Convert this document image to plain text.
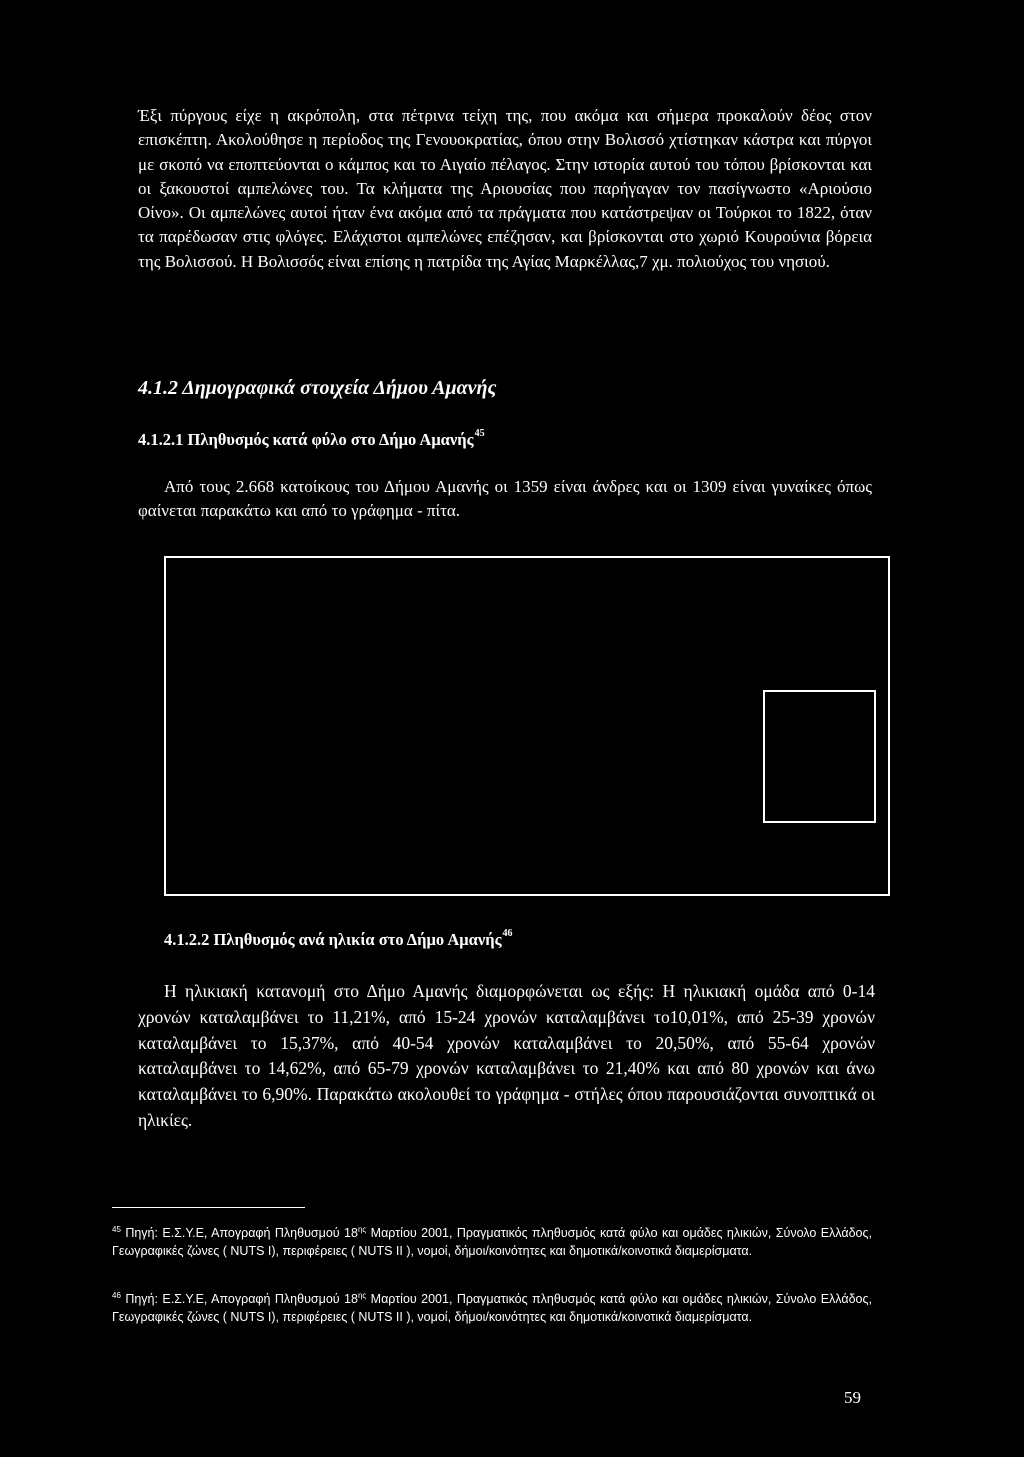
Έξι πύργους είχε η ακρόπολη, στα πέτρινα τείχη της, που ακόμα και σήμερα προκαλούν δέος στον επισκέπτη. Ακολούθησε η περίοδος της Γενουοκρατίας, όπου στην Βολισσό χτίστηκαν κάστρα και πύργοι με σκοπό να εποπτεύονται ο κάμπος και το Αιγαίο πέλαγος. Στην ιστορία αυτού του τόπου βρίσκονται και οι ξακουστοί αμπελώνες του. Τα κλήματα της Αριουσίας που παρήγαγαν τον πασίγνωστο «Αριούσιο Οίνο». Οι αμπελώνες αυτοί ήταν ένα ακόμα από τα πράγματα που κατάστρεψαν οι Τούρκοι το 1822, όταν τα παρέδωσαν στις φλόγες. Ελάχιστοι αμπελώνες επέζησαν, και βρίσκονται στο χωριό Κουρούνια βόρεια της Βολισσού. Η Βολισσός είναι επίσης η πατρίδα της Αγίας Μαρκέλλας,7 χμ. πολιούχος του νησιού.

4.1.2 Δημογραφικά στοιχεία Δήμου Αμανής
4.1.2.1 Πληθυσμός κατά φύλο στο Δήμο Αμανής$^{45}$

Από τους 2.668 κατοίκους του Δήμου Αμανής οι 1359 είναι άνδρες και οι 1309 είναι γυναίκες όπως φαίνεται παρακάτω και από το γράφημα - πίτα.

4.1.2.2 Πληθυσμός ανά ηλικία στο Δήμο Αμανής$^{46}$

Η ηλικιακή κατανομή στο Δήμο Αμανής διαμορφώνεται ως εξής: Η ηλικιακή ομάδα από 0-14 χρονών καταλαμβάνει το 11,21%, από 15-24 χρονών καταλαμβάνει το10,01%, από 25-39 χρονών καταλαμβάνει το 15,37%, από 40-54 χρονών καταλαμβάνει το 20,50%, από 55-64 χρονών καταλαμβάνει το 14,62%, από 65-79 χρονών καταλαμβάνει το 21,40% και από 80 χρονών και άνω καταλαμβάνει το 6,90%. Παρακάτω ακολουθεί το γράφημα - στήλες όπου παρουσιάζονται συνοπτικά οι ηλικίες.

$^{45}$ Πηγή: Ε.Σ.Υ.Ε, Απογραφή Πληθυσμού $18^{\eta\varsigma}$ Μαρτίου 2001, Πραγματικός πληθυσμός κατά φύλο και ομάδες ηλικιών, Σύνολο Ελλάδος, Γεωγραφικές ζώνες ( NUTS I), περιφέρειες ( NUTS II ), νομοί, δήμοι/κοινότητες και δημοτικά/κοινοτικά διαμερίσματα.

$^{46}$ Πηγή: Ε.Σ.Υ.Ε, Απογραφή Πληθυσμού $18^{\eta\varsigma}$ Μαρτίου 2001, Πραγματικός πληθυσμός κατά φύλο και ομάδες ηλικιών, Σύνολο Ελλάδος, Γεωγραφικές ζώνες ( NUTS I), περιφέρειες ( NUTS II ), νομοί, δήμοι/κοινότητες και δημοτικά/κοινοτικά διαμερίσματα.

59
